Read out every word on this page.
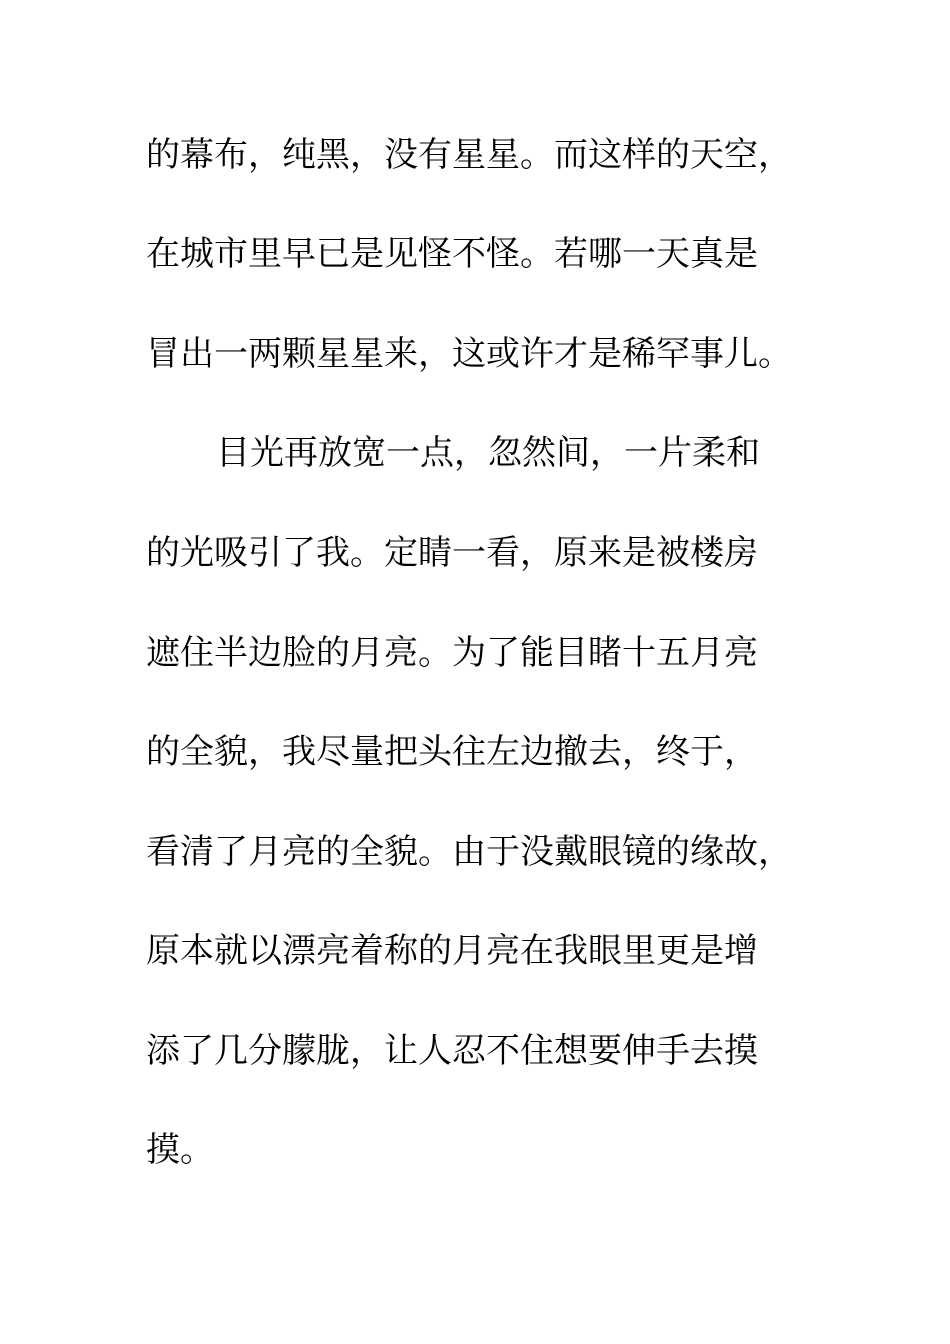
的幕布，纯黑，没有星星。而这样的天空，
在城市里早已是见怪不怪。若哪一天真是
冒出一两颗星星来，这或许才是稀罕事儿。
目光再放宽一点，忽然间，一片柔和
的光吸引了我。定睛一看，原来是被楼房
遮住半边脸的月亮。为了能目睹十五月亮
的全貌，我尽量把头往左边撤去，终于，
看清了月亮的全貌。由于没戴眼镜的缘故，
原本就以漂亮着称的月亮在我眼里更是增
添了几分朦胧，让人忍不住想要伸手去摸
摸。
